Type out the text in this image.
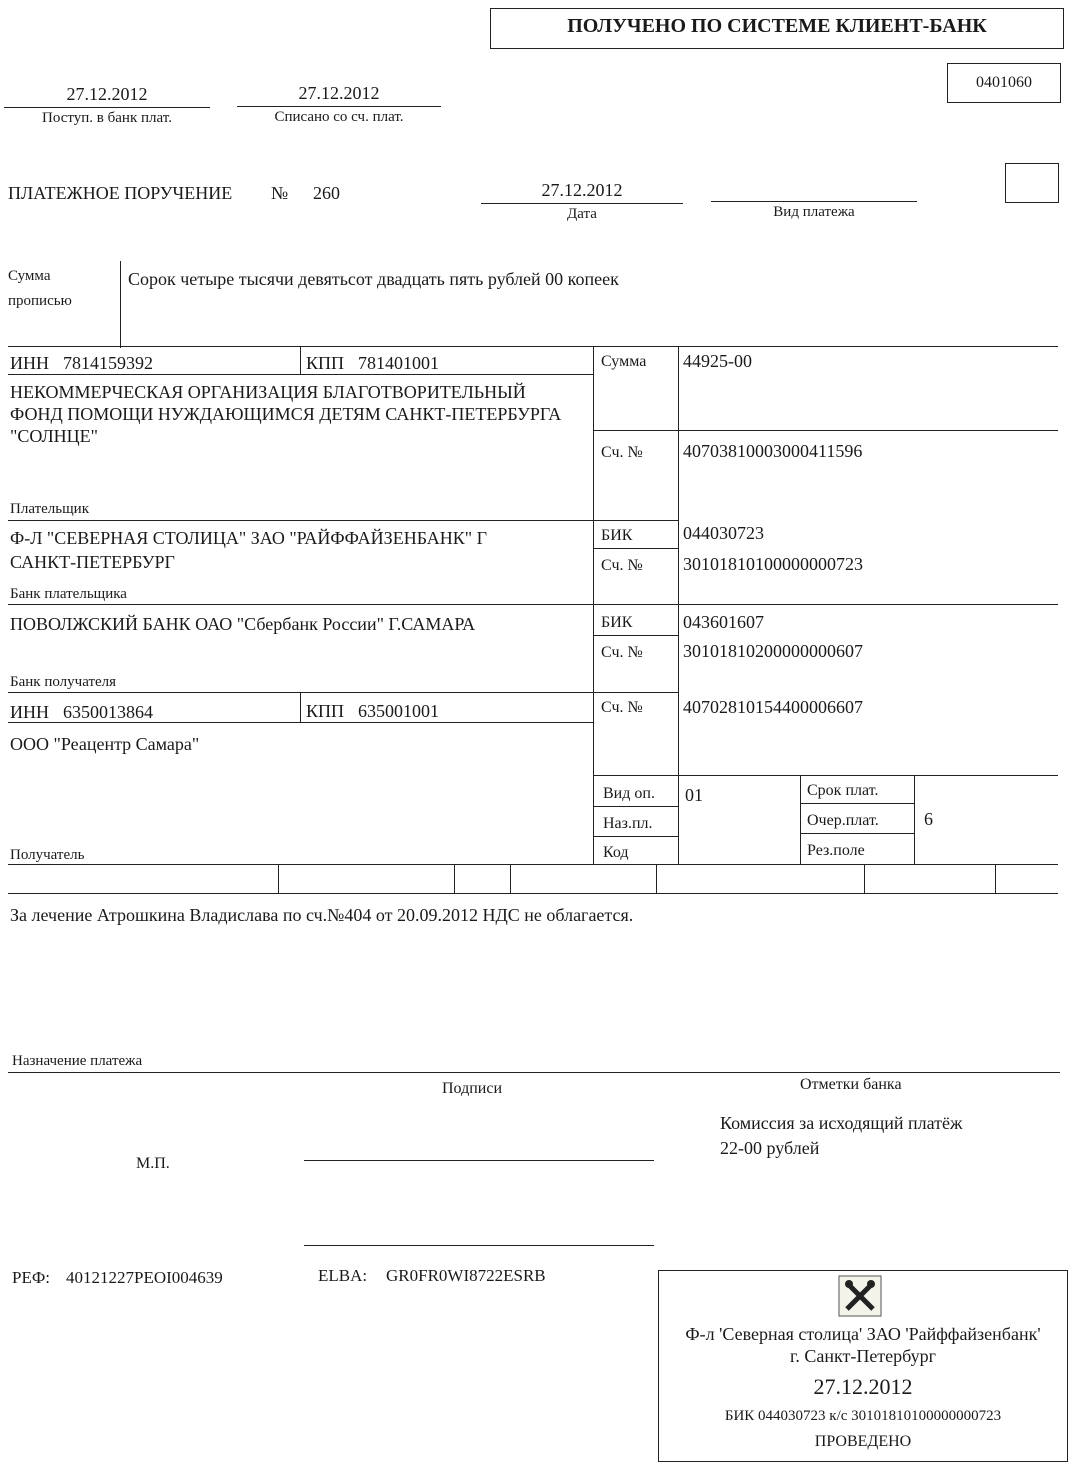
ПОЛУЧЕНО ПО СИСТЕМЕ КЛИЕНТ-БАНК
0401060
27.12.2012
Поступ. в банк плат.
27.12.2012
Списано со сч. плат.
ПЛАТЕЖНОЕ ПОРУЧЕНИЕ № 260	27.12.2012
Дата	Вид платежа
Сумма
прописью
Сорок четыре тысячи девятьсот двадцать пять рублей 00 копеек
ИНН 7814159392	КПП 781401001
НЕКОММЕРЧЕСКАЯ ОРГАНИЗАЦИЯ БЛАГОТВОРИТЕЛЬНЫЙ
ФОНД ПОМОЩИ НУЖДАЮЩИМСЯ ДЕТЯМ САНКТ-ПЕТЕРБУРГА
"СОЛНЦЕ"
Плательщик
Сумма 44925-00
Сч. № 40703810003000411596
Ф-Л "СЕВЕРНАЯ СТОЛИЦА" ЗАО "РАЙФФАЙЗЕНБАНК" Г
САНКТ-ПЕТЕРБУРГ
Банк плательщика
БИК	044030723
Сч. № 30101810100000000723
ПОВОЛЖСКИЙ БАНК ОАО "Сбербанк России" Г.САМАРА
Банк получателя
БИК	043601607
Сч. № 30101810200000000607
ИНН 6350013864	КПП 635001001
ООО "Реацентр Самара"
Получатель
Сч. № 40702810154400006607
Вид оп. 01
Наз.пл.
Код
Срок плат.
Очер.плат.	6
Рез.поле
За лечение Атрошкина Владислава по сч.№404 от 20.09.2012 НДС не облагается.
Назначение платежа
Подписи	Отметки банка
М.П.
Комиссия за исходящий платёж
22-00 рублей
РЕФ: 40121227PEOI004639	ELBA: GR0FR0WI8722ESRB
Ф-л 'Северная столица' ЗАО 'Райффайзенбанк'
г. Санкт-Петербург
27.12.2012
БИК 044030723 к/с 30101810100000000723
ПРОВЕДЕНО
